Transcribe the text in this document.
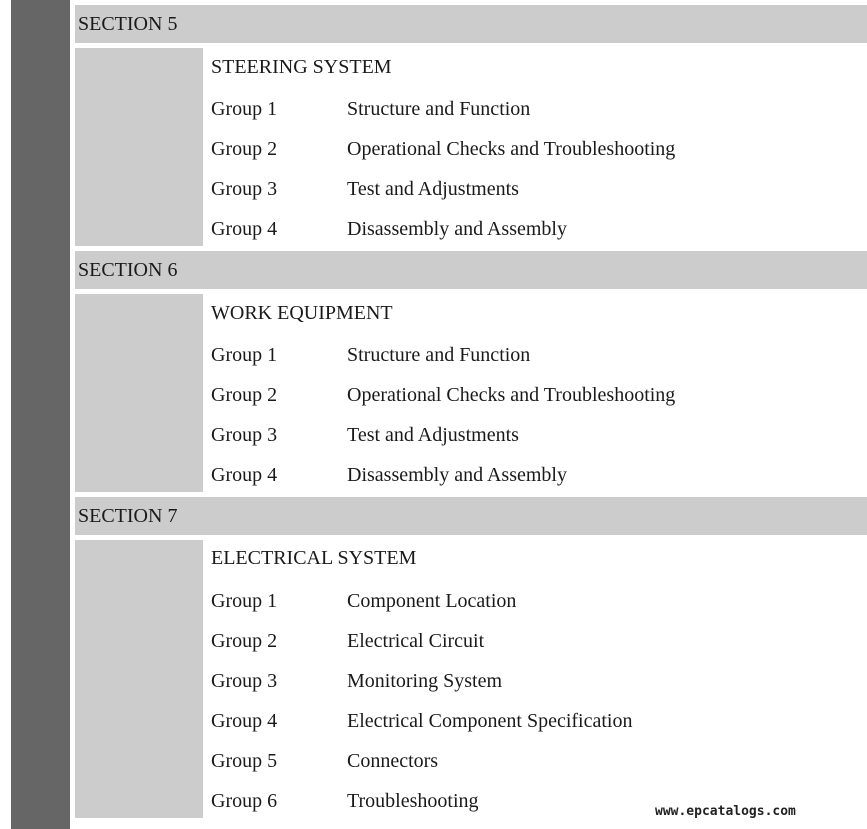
SECTION 5
STEERING SYSTEM
Group 1	Structure and Function
Group 2	Operational Checks and Troubleshooting
Group 3	Test and Adjustments
Group 4	Disassembly and Assembly
SECTION 6
WORK EQUIPMENT
Group 1	Structure and Function
Group 2	Operational Checks and Troubleshooting
Group 3	Test and Adjustments
Group 4	Disassembly and Assembly
SECTION 7
ELECTRICAL SYSTEM
Group 1	Component Location
Group 2	Electrical Circuit
Group 3	Monitoring System
Group 4	Electrical Component Specification
Group 5	Connectors
Group 6	Troubleshooting	www.epcatalogs.com
